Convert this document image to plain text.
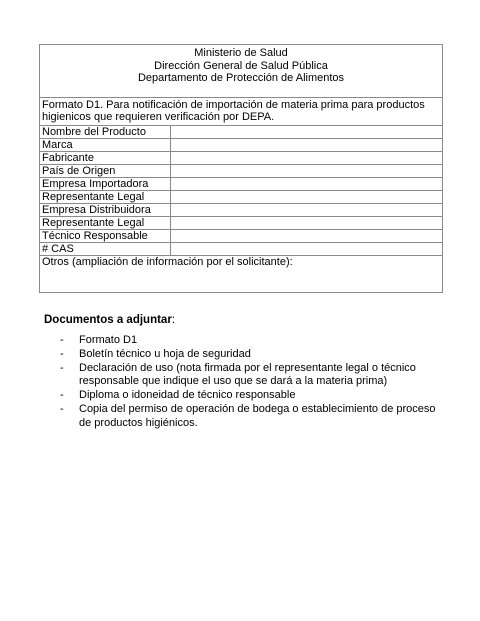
Ministerio de Salud
Dirección General de Salud Pública
Departamento de Protección de Alimentos	

Formato D1. Para notificación de importación de materia prima para productos higienicos que requieren verificación por DEPA.	
Nombre del Producto	
Marca	
Fabricante	
País de Origen	
Empresa Importadora	
Representante Legal	
Empresa Distribuidora	
Representante Legal	
Técnico Responsable	
# CAS	
Otros (ampliación de información por el solicitante):	
Documentos a adjuntar:
- Formato D1
- Boletín técnico u hoja de seguridad
- Declaración de uso (nota firmada por el representante legal o técnico responsable que indique el uso que se dará a la materia prima)
- Diploma o idoneidad de técnico responsable
- Copia del permiso de operación de bodega o establecimiento de proceso de productos higiénicos.
